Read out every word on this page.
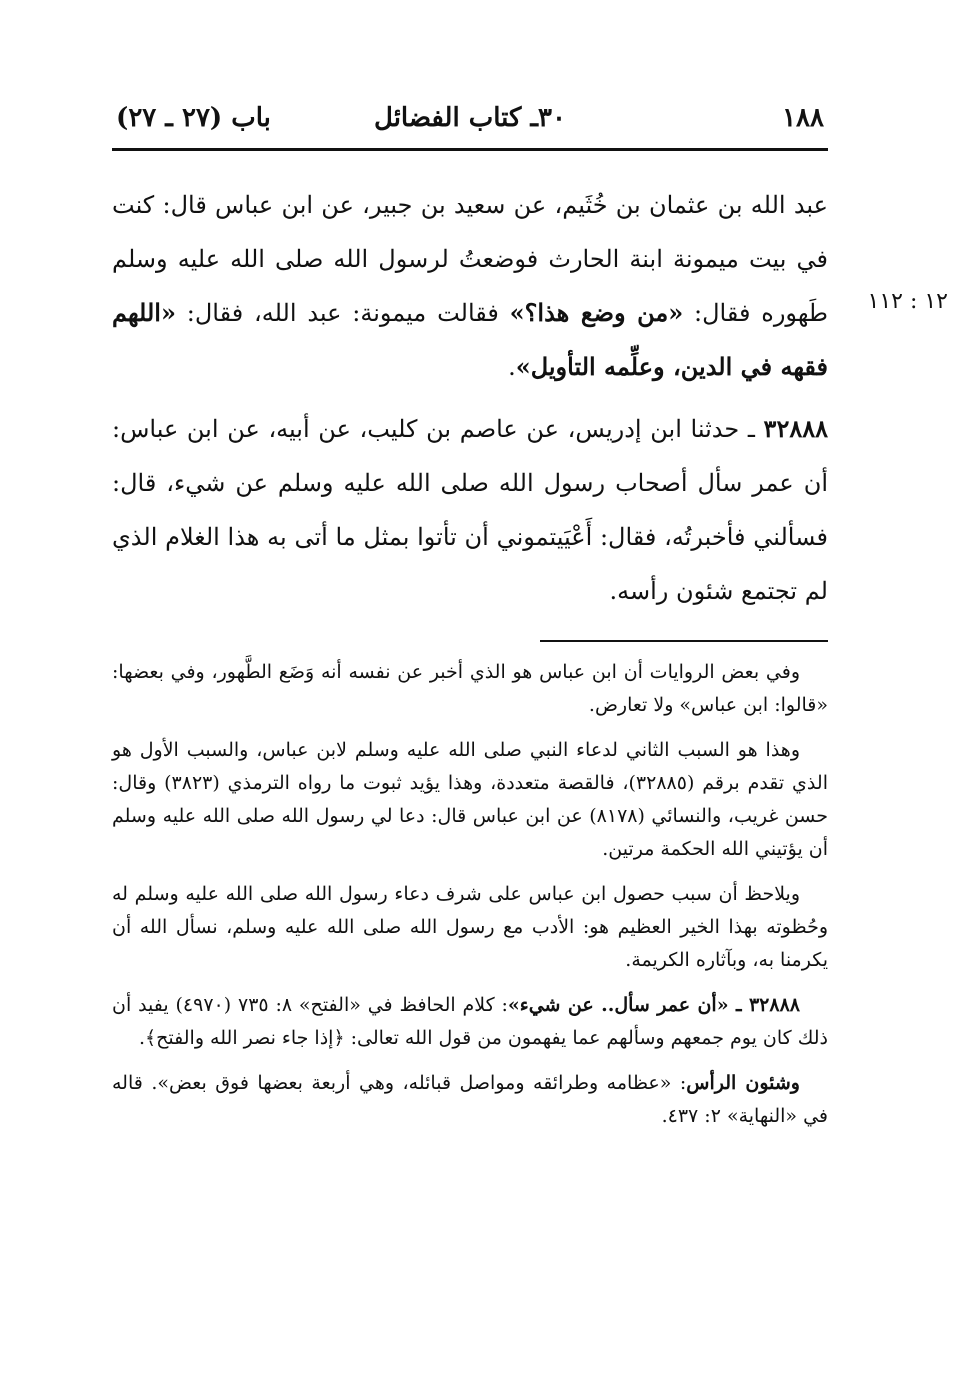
١٨٨
٣٠ـ كتاب الفضائل
باب (٢٧ ـ ٢٧)
١٢ : ١١٢

عبد الله بن عثمان بن خُثَيم، عن سعيد بن جبير، عن ابن عباس قال: كنت في بيت ميمونة ابنة الحارث فوضعتُ لرسول الله صلى الله عليه وسلم طَهوره فقال: «من وضع هذا؟» فقالت ميمونة: عبد الله، فقال: «اللهم فقهه في الدين، وعلِّمه التأويل».

٣٢٨٨٨ ـ حدثنا ابن إدريس، عن عاصم بن كليب، عن أبيه، عن ابن عباس: أن عمر سأل أصحاب رسول الله صلى الله عليه وسلم عن شيء، قال: فسألني فأخبرتُه، فقال: أَعْيَيتموني أن تأتوا بمثل ما أتى به هذا الغلام الذي لم تجتمع شئون رأسه.

وفي بعض الروايات أن ابن عباس هو الذي أخبر عن نفسه أنه وَضَع الطَّهور، وفي بعضها: «قالوا: ابن عباس» ولا تعارض.

وهذا هو السبب الثاني لدعاء النبي صلى الله عليه وسلم لابن عباس، والسبب الأول هو الذي تقدم برقم (٣٢٨٨٥)، فالقصة متعددة، وهذا يؤيد ثبوت ما رواه الترمذي (٣٨٢٣) وقال: حسن غريب، والنسائي (٨١٧٨) عن ابن عباس قال: دعا لي رسول الله صلى الله عليه وسلم أن يؤتيني الله الحكمة مرتين.

ويلاحظ أن سبب حصول ابن عباس على شرف دعاء رسول الله صلى الله عليه وسلم له وحُظوته بهذا الخير العظيم هو: الأدب مع رسول الله صلى الله عليه وسلم، نسأل الله أن يكرمنا به، وبآثاره الكريمة.

٣٢٨٨٨ ـ «أن عمر سأل.. عن شيء»: كلام الحافظ في «الفتح» ٨: ٧٣٥ (٤٩٧٠) يفيد أن ذلك كان يوم جمعهم وسألهم عما يفهمون من قول الله تعالى: ﴿إذا جاء نصر الله والفتح﴾.

وشئون الرأس: «عظامه وطرائقه ومواصل قبائله، وهي أربعة بعضها فوق بعض». قاله في «النهاية» ٢: ٤٣٧.
